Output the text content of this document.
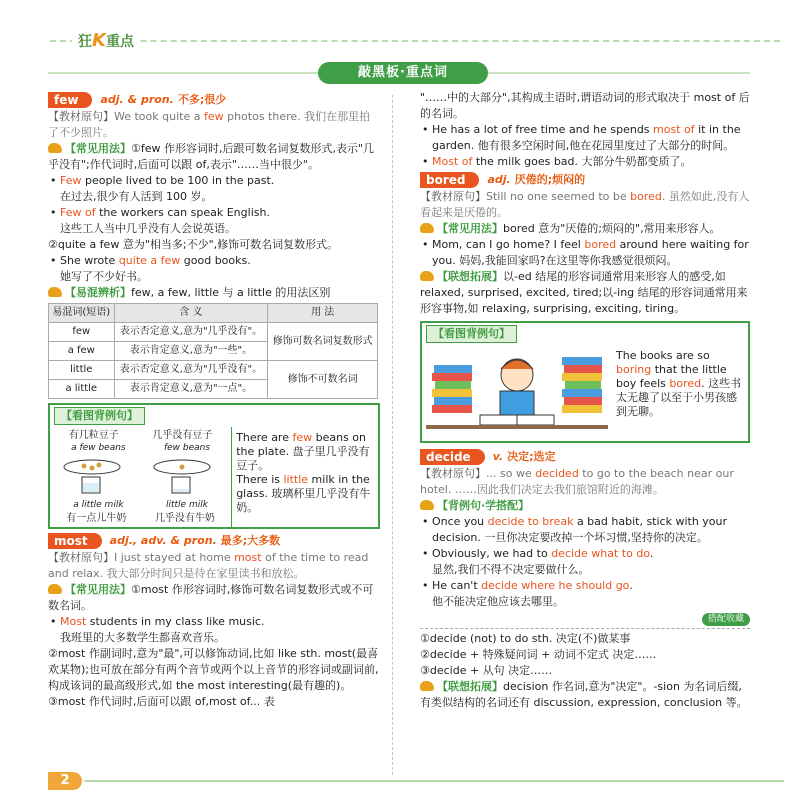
狂K重点
敲黑板·重点词
few	adj. & pron. 不多;很少
【教材原句】We took quite a few photos there. 我们在那里拍了不少照片。
【常见用法】①few 作形容词时,后跟可数名词复数形式,表示"几乎没有";作代词时,后面可以跟 of,表示"……当中很少"。
• Few people lived to be 100 in the past.
在过去,很少有人活到 100 岁。
• Few of the workers can speak English.
这些工人当中几乎没有人会说英语。
②quite a few 意为"相当多;不少",修饰可数名词复数形式。
• She wrote quite a few good books.
她写了不少好书。
【易混辨析】few, a few, little 与 a little 的用法区别
易混词(短语)	含 义	用 法
few	表示否定意义,意为"几乎没有"。	修饰可数名词复数形式
a few	表示肯定意义,意为"一些"。	
little	表示否定意义,意为"几乎没有"。	修饰不可数名词
a little	表示肯定意义,意为"一点"。	
【看图背例句】
有几粒豆子	几乎没有豆子
a few beans	few beans
a little milk	little milk
有一点儿牛奶	几乎没有牛奶
There are few beans on the plate. 盘子里几乎没有豆子。
There is little milk in the glass. 玻璃杯里几乎没有牛奶。
most	adj., adv. & pron. 最多;大多数
【教材原句】I just stayed at home most of the time to read and relax. 我大部分时间只是待在家里读书和放松。
【常见用法】①most 作形容词时,修饰可数名词复数形式或不可数名词。
• Most students in my class like music.
我班里的大多数学生都喜欢音乐。
②most 作副词时,意为"最",可以修饰动词,比如 like sth. most(最喜欢某物);也可放在部分有两个音节或两个以上音节的形容词或副词前,构成该词的最高级形式,如 the most interesting(最有趣的)。
③most 作代词时,后面可以跟 of,most of... 表
"……中的大部分",其构成主语时,谓语动词的形式取决于 most of 后的名词。
• He has a lot of free time and he spends most of it in the garden. 他有很多空闲时间,他在花园里度过了大部分的时间。
• Most of the milk goes bad. 大部分牛奶都变质了。
bored	adj. 厌倦的;烦闷的
【教材原句】Still no one seemed to be bored. 虽然如此,没有人看起来是厌倦的。
【常见用法】bored 意为"厌倦的;烦闷的",常用来形容人。
• Mom, can I go home? I feel bored around here waiting for you. 妈妈,我能回家吗?在这里等你我感觉很烦闷。
【联想拓展】以-ed 结尾的形容词通常用来形容人的感受,如 relaxed, surprised, excited, tired;以-ing 结尾的形容词通常用来形容事物,如 relaxing, surprising, exciting, tiring。
【看图背例句】
The books are so boring that the little boy feels bored. 这些书太无趣了以至于小男孩感到无聊。
decide	v. 决定;选定
【教材原句】... so we decided to go to the beach near our hotel. ……因此我们决定去我们旅馆附近的海滩。
【背例句·学搭配】
• Once you decide to break a bad habit, stick with your decision. 一旦你决定要改掉一个坏习惯,坚持你的决定。
• Obviously, we had to decide what to do.
显然,我们不得不决定要做什么。
• He can't decide where he should go.
他不能决定他应该去哪里。
搭配收藏
①decide (not) to do sth. 决定(不)做某事
②decide + 特殊疑问词 + 动词不定式 决定……
③decide + 从句 决定……
【联想拓展】decision 作名词,意为"决定"。-sion 为名词后缀,有类似结构的名词还有 discussion, expression, conclusion 等。
2
